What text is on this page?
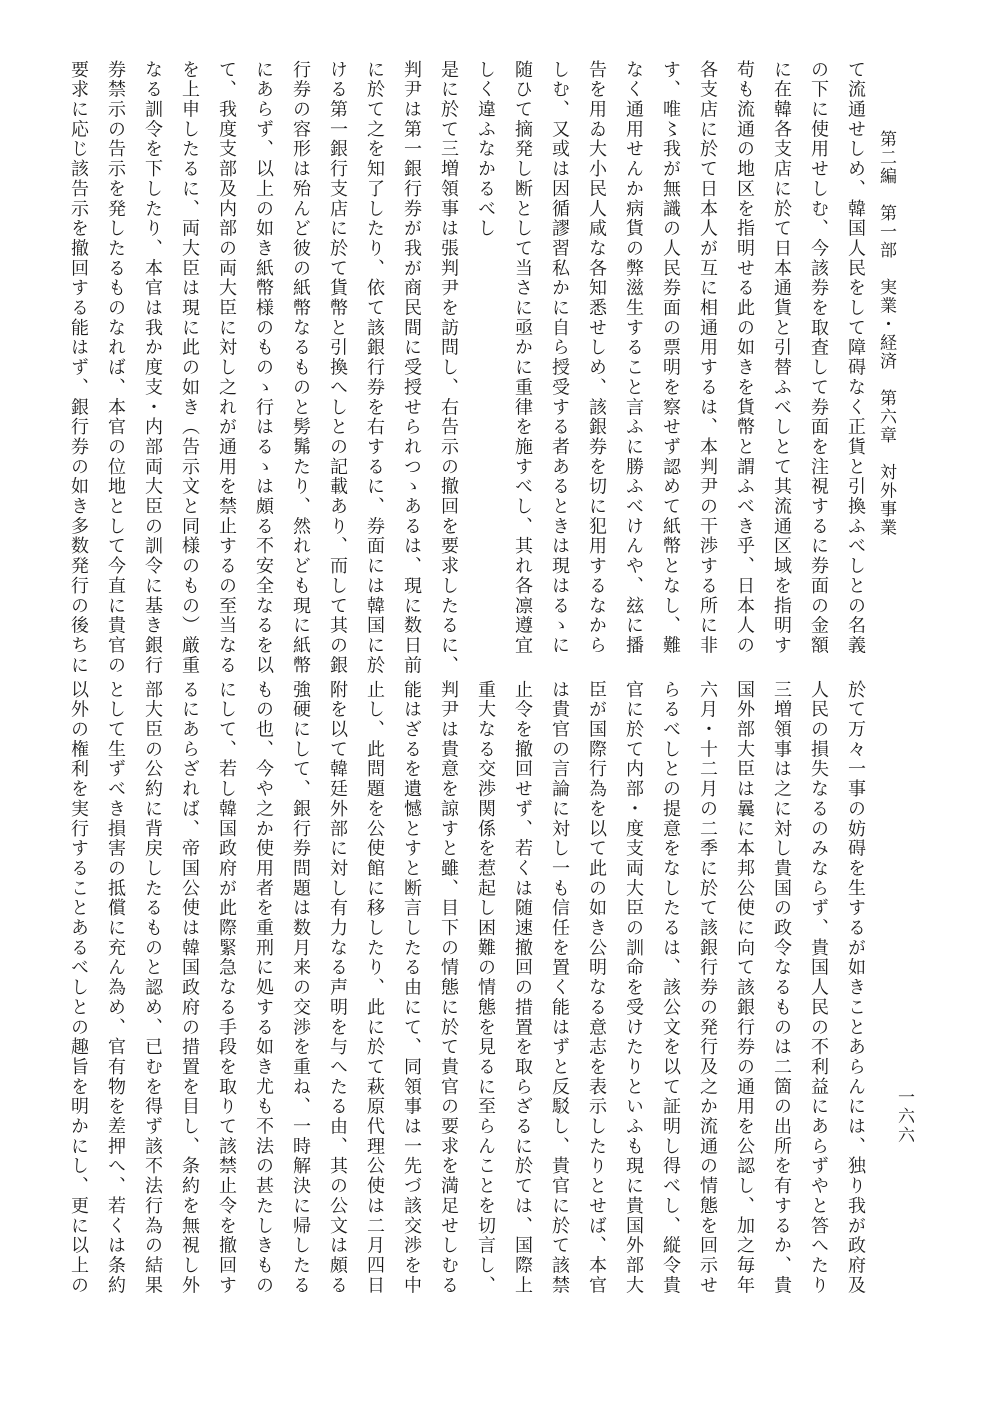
第二編　第一部　実業・経済　第六章　対外事業
一六六
て流通せしめ、韓国人民をして障碍なく正貨と引換ふべしとの名義
の下に使用せしむ、今該券を取査して券面を注視するに券面の金額
に在韓各支店に於て日本通貨と引替ふべしとて其流通区域を指明す
苟も流通の地区を指明せる此の如きを貨幣と謂ふべき乎、日本人の
各支店に於て日本人が互に相通用するは、本判尹の干渉する所に非
す、唯〻我が無識の人民券面の票明を察せず認めて紙幣となし、難
なく通用せんか病貨の弊滋生すること言ふに勝ふべけんや、玆に播
告を用ゐ大小民人咸な各知悉せしめ、該銀券を切に犯用するなから
しむ、又或は因循謬習私かに自ら授受する者あるときは現はるゝに
随ひて摘発し断として当さに亟かに重律を施すべし、其れ各凛遵宜
しく違ふなかるべし
是に於て三増領事は張判尹を訪問し、右告示の撤回を要求したるに、
判尹は第一銀行券が我が商民間に受授せられつゝあるは、現に数日前
に於て之を知了したり、依て該銀行券を右するに、券面には韓国に於
ける第一銀行支店に於て貨幣と引換へしとの記載あり、而して其の銀
行券の容形は殆んど彼の紙幣なるものと髣髴たり、然れども現に紙幣
にあらず、以上の如き紙幣様のものゝ行はるゝは頗る不安全なるを以
て、我度支部及内部の両大臣に対し之れが通用を禁止するの至当なる
を上申したるに、両大臣は現に此の如き（告示文と同様のもの）厳重
なる訓令を下したり、本官は我か度支・内部両大臣の訓令に基き銀行
券禁示の告示を発したるものなれば、本官の位地として今直に貴官の
要求に応じ該告示を撤回する能はず、銀行券の如き多数発行の後ちに
於て万々一事の妨碍を生するが如きことあらんには、独り我が政府及
人民の損失なるのみならず、貴国人民の不利益にあらずやと答へたり
三増領事は之に対し貴国の政令なるものは二箇の出所を有するか、貴
国外部大臣は曩に本邦公使に向て該銀行券の通用を公認し、加之毎年
六月・十二月の二季に於て該銀行券の発行及之か流通の情態を回示せ
らるべしとの提意をなしたるは、該公文を以て証明し得べし、縦令貴
官に於て内部・度支両大臣の訓命を受けたりといふも現に貴国外部大
臣が国際行為を以て此の如き公明なる意志を表示したりとせば、本官
は貴官の言論に対し一も信任を置く能はずと反駁し、貴官に於て該禁
止令を撤回せず、若くは随速撤回の措置を取らざるに於ては、国際上
重大なる交渉関係を惹起し困難の情態を見るに至らんことを切言し、
判尹は貴意を諒すと雖、目下の情態に於て貴官の要求を満足せしむる
能はざるを遺憾とすと断言したる由にて、同領事は一先づ該交渉を中
止し、此問題を公使館に移したり、此に於て萩原代理公使は二月四日
附を以て韓廷外部に対し有力なる声明を与へたる由、其の公文は頗る
強硬にして、銀行券問題は数月来の交渉を重ね、一時解決に帰したる
もの也、今や之か使用者を重刑に処する如き尤も不法の甚たしきもの
にして、若し韓国政府が此際緊急なる手段を取りて該禁止令を撤回す
るにあらざれば、帝国公使は韓国政府の措置を目し、条約を無視し外
部大臣の公約に背戻したるものと認め、已むを得ず該不法行為の結果
として生ずべき損害の抵償に充ん為め、官有物を差押へ、若くは条約
以外の権利を実行することあるべしとの趣旨を明かにし、更に以上の
